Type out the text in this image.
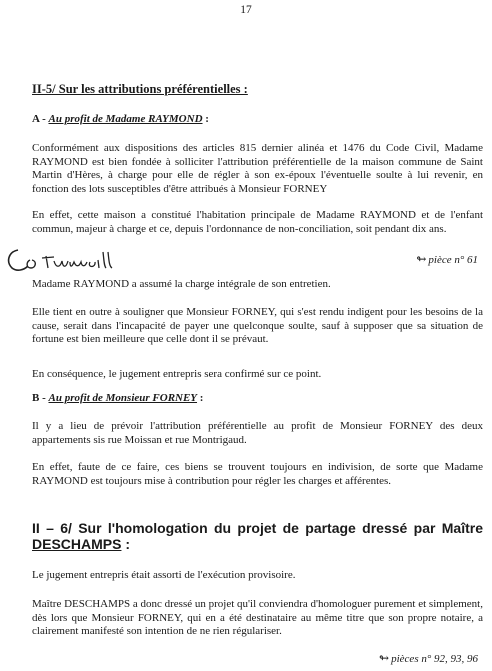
17
II-5/ Sur les attributions préférentielles :

A - Au profit de Madame RAYMOND :

Conformément aux dispositions des articles 815 dernier alinéa et 1476 du Code Civil, Madame RAYMOND est bien fondée à solliciter l'attribution préférentielle de la maison commune de Saint Martin d'Hères, à charge pour elle de régler à son ex-époux l'éventuelle soulte à lui revenir, en fonction des lots susceptibles d'être attribués à Monsieur FORNEY

En effet, cette maison a constitué l'habitation principale de Madame RAYMOND et de l'enfant commun, majeur à charge et ce, depuis l'ordonnance de non-conciliation, soit pendant dix ans.

Co tumorell
↬ pièce n° 61

Madame RAYMOND a assumé la charge intégrale de son entretien.

Elle tient en outre à souligner que Monsieur FORNEY, qui s'est rendu indigent pour les besoins de la cause, serait dans l'incapacité de payer une quelconque soulte, sauf à supposer que sa situation de fortune est bien meilleure que celle dont il se prévaut.

En conséquence, le jugement entrepris sera confirmé sur ce point.

B - Au profit de Monsieur FORNEY :

Il y a lieu de prévoir l'attribution préférentielle au profit de Monsieur FORNEY des deux appartements sis rue Moissan et rue Montrigaud.

En effet, faute de ce faire, ces biens se trouvent toujours en indivision, de sorte que Madame RAYMOND est toujours mise à contribution pour régler les charges et afférentes.

II – 6/ Sur l'homologation du projet de partage dressé par Maître
DESCHAMPS :

Le jugement entrepris était assorti de l'exécution provisoire.

Maître DESCHAMPS a donc dressé un projet qu'il conviendra d'homologuer purement et simplement, dès lors que Monsieur FORNEY, qui en a été destinataire au même titre que son propre notaire, a clairement manifesté son intention de ne rien régulariser.

↬ pièces n° 92, 93, 96
